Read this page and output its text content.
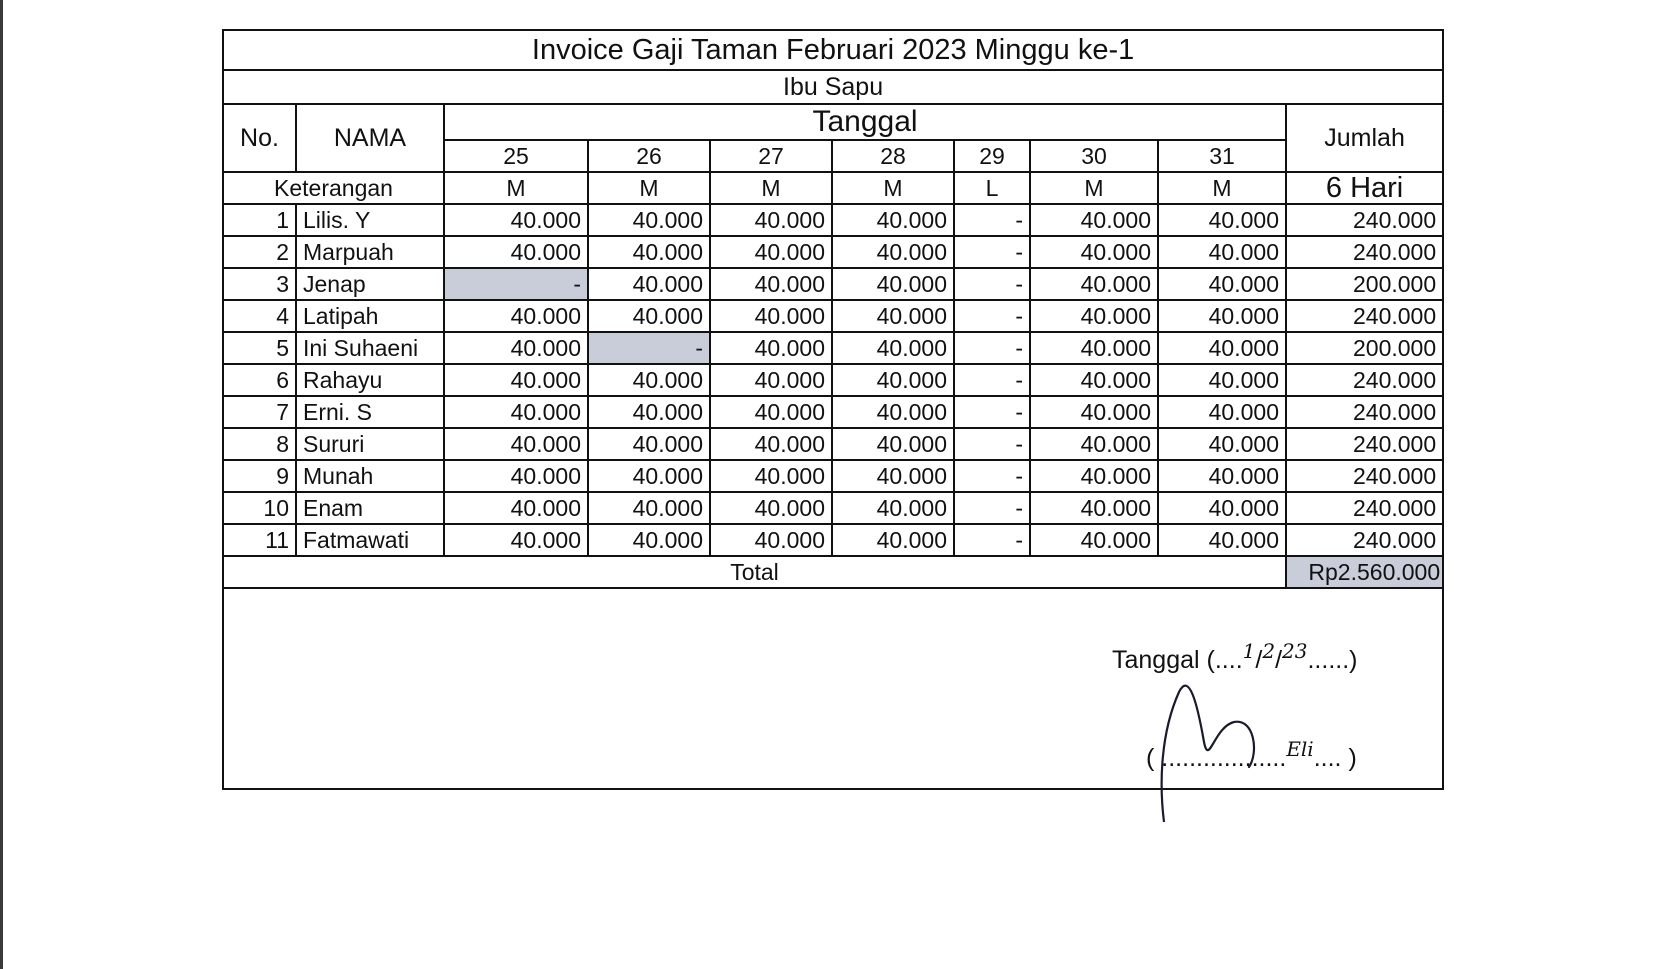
Invoice Gaji Taman Februari 2023 Minggu ke-1									
Ibu Sapu									
No.	NAMA	Tanggal							Jumlah
		25	26	27	28	29	30	31	
Keterangan		M	M	M	M	L	M	M	6 Hari
1	Lilis. Y	40.000	40.000	40.000	40.000	-	40.000	40.000	240.000
2	Marpuah	40.000	40.000	40.000	40.000	-	40.000	40.000	240.000
3	Jenap	-	40.000	40.000	40.000	-	40.000	40.000	200.000
4	Latipah	40.000	40.000	40.000	40.000	-	40.000	40.000	240.000
5	Ini Suhaeni	40.000	-	40.000	40.000	-	40.000	40.000	200.000
6	Rahayu	40.000	40.000	40.000	40.000	-	40.000	40.000	240.000
7	Erni. S	40.000	40.000	40.000	40.000	-	40.000	40.000	240.000
8	Sururi	40.000	40.000	40.000	40.000	-	40.000	40.000	240.000
9	Munah	40.000	40.000	40.000	40.000	-	40.000	40.000	240.000
10	Enam	40.000	40.000	40.000	40.000	-	40.000	40.000	240.000
11	Fatmawati	40.000	40.000	40.000	40.000	-	40.000	40.000	240.000
Total									Rp2.560.000
Tanggal (....$^1$/$^2$/$^{23}$......)
( ..................$^{Eli}$.... )
